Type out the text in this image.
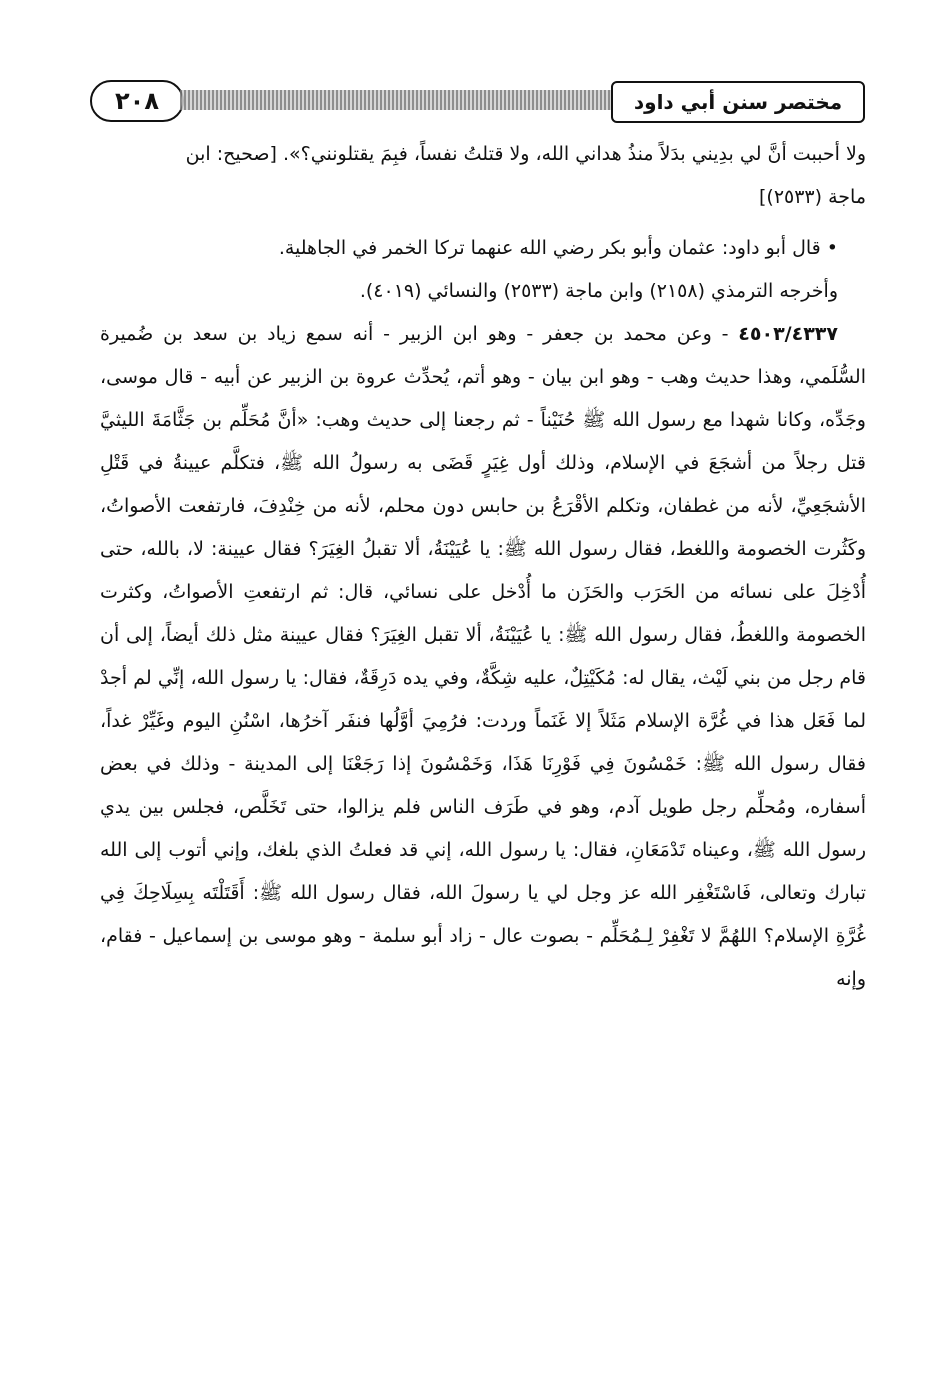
٢٠٨	مختصر سنن أبي داود

ولا أحببت أنَّ لي بدِيني بدَلاً منذُ هداني الله، ولا قتلتُ نفساً، فبِمَ يقتلونني؟». [صحيح: ابن
ماجة (٢٥٣٣)]

• قال أبو داود: عثمان وأبو بكر رضي الله عنهما تركا الخمر في الجاهلية.

وأخرجه الترمذي (٢١٥٨) وابن ماجة (٢٥٣٣) والنسائي (٤٠١٩).

٤٥٠٣/٤٣٣٧ - وعن محمد بن جعفر - وهو ابن الزبير - أنه سمع زياد بن سعد بن ضُميرة السُّلَمي، وهذا حديث وهب - وهو ابن بيان - وهو أتم، يُحدِّث عروة بن الزبير عن أبيه - قال موسى، وجَدِّه، وكانا شهدا مع رسول الله ﷺ حُنَيْناً - ثم رجعنا إلى حديث وهب: «أنَّ مُحَلِّم بن جَثَّامَةَ الليثيَّ قتل رجلاً من أشجَعَ في الإسلام، وذلك أول غِيَرٍ قَضَى به رسولُ الله ﷺ، فتكلَّم عيينةُ في قَتْلِ الأشجَعِيِّ، لأنه من غطفان، وتكلم الأقْرَعُ بن حابس دون محلم، لأنه من خِنْدِفَ، فارتفعت الأصواتُ، وكَثُرت الخصومة واللغط، فقال رسول الله ﷺ: يا عُيَيْنَةُ، ألا تقبلُ الغِيَرَ؟ فقال عيينة: لا، بالله، حتى أُدْخِلَ على نسائه من الحَرَب والحَزَن ما أُدْخل على نسائي، قال: ثم ارتفعتِ الأصواتُ، وكثرت الخصومة واللغطُ، فقال رسول الله ﷺ: يا عُيَيْنَةُ، ألا تقبل الغِيَرَ؟ فقال عيينة مثل ذلك أيضاً، إلى أن قام رجل من بني لَيْث، يقال له: مُكَيْتِلٌ، عليه شِكَّةٌ، وفي يده دَرِقَةٌ، فقال: يا رسول الله، إنِّي لم أجدْ لما فَعَل هذا في غُرَّة الإسلام مَثَلاً إلا غَنَماً وردت: فرُمِيَ أوَّلُها فنفَر آخرُها، اسْنُنِ اليوم وغَيِّرْ غداً، فقال رسول الله ﷺ: خَمْسُونَ فِي فَوْرِنَا هَذَا، وَخَمْسُونَ إذا رَجَعْنَا إلى المدينة - وذلك في بعض أسفاره، ومُحلِّم رجل طويل آدم، وهو في طَرَف الناس فلم يزالوا، حتى تَخَلَّص، فجلس بين يدي رسول الله ﷺ، وعيناه تَدْمَعَانِ، فقال: يا رسول الله، إني قد فعلتُ الذي بلغك، وإني أتوب إلى الله تبارك وتعالى، فَاسْتَغْفِر الله عز وجل لي يا رسولَ الله، فقال رسول الله ﷺ: أَقَتَلْتَه بِسِلَاحِكَ فِي غُرَّةِ الإسلام؟ اللهُمَّ لا تَغْفِرْ لِـمُحَلِّم - بصوت عال - زاد أبو سلمة - وهو موسى بن إسماعيل - فقام، وإنه
